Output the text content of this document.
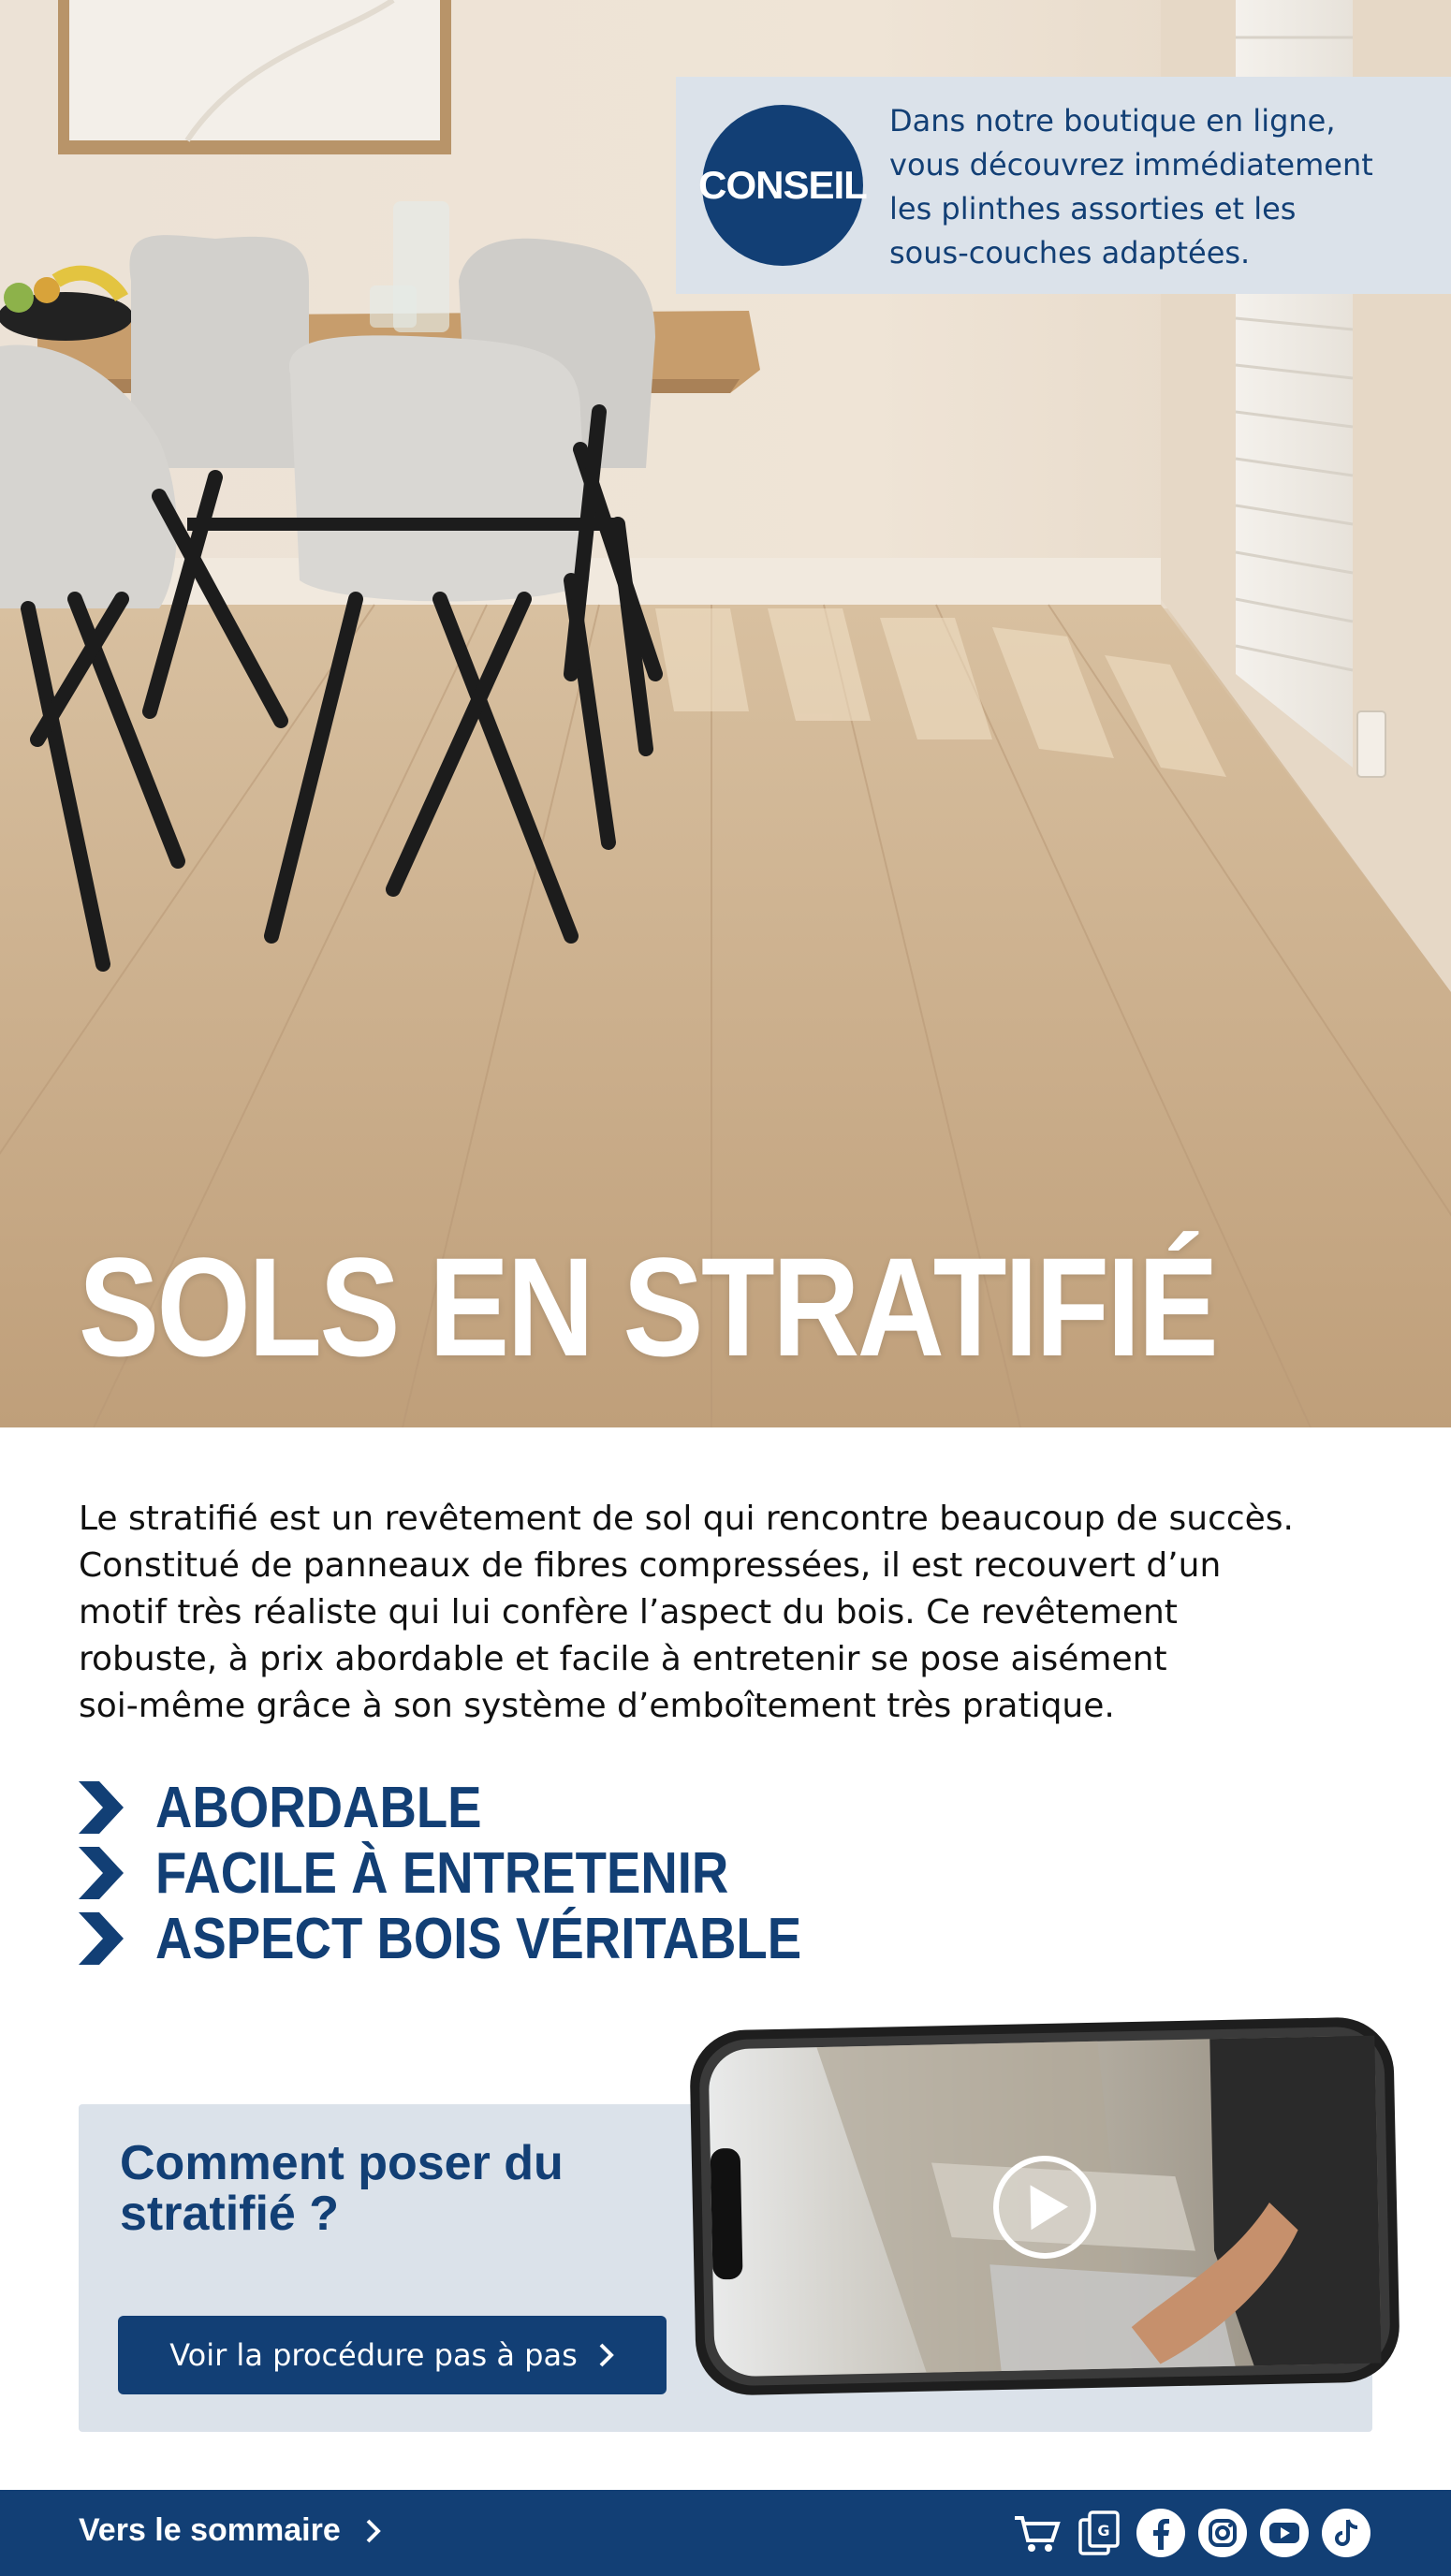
SOLS EN STRATIFIÉ
CONSEIL
Dans notre boutique en ligne,
vous découvrez immédiatement
les plinthes assorties et les
sous-couches adaptées.
Le stratifié est un revêtement de sol qui rencontre beaucoup de succès.
Constitué de panneaux de fibres compressées, il est recouvert d’un
motif très réaliste qui lui confère l’aspect du bois. Ce revêtement
robuste, à prix abordable et facile à entretenir se pose aisément
soi-même grâce à son système d’emboîtement très pratique.
ABORDABLE
FACILE À ENTRETENIR
ASPECT BOIS VÉRITABLE
Comment poser du
stratifié ?
Voir la procédure pas à pas
Vers le sommaire	G
